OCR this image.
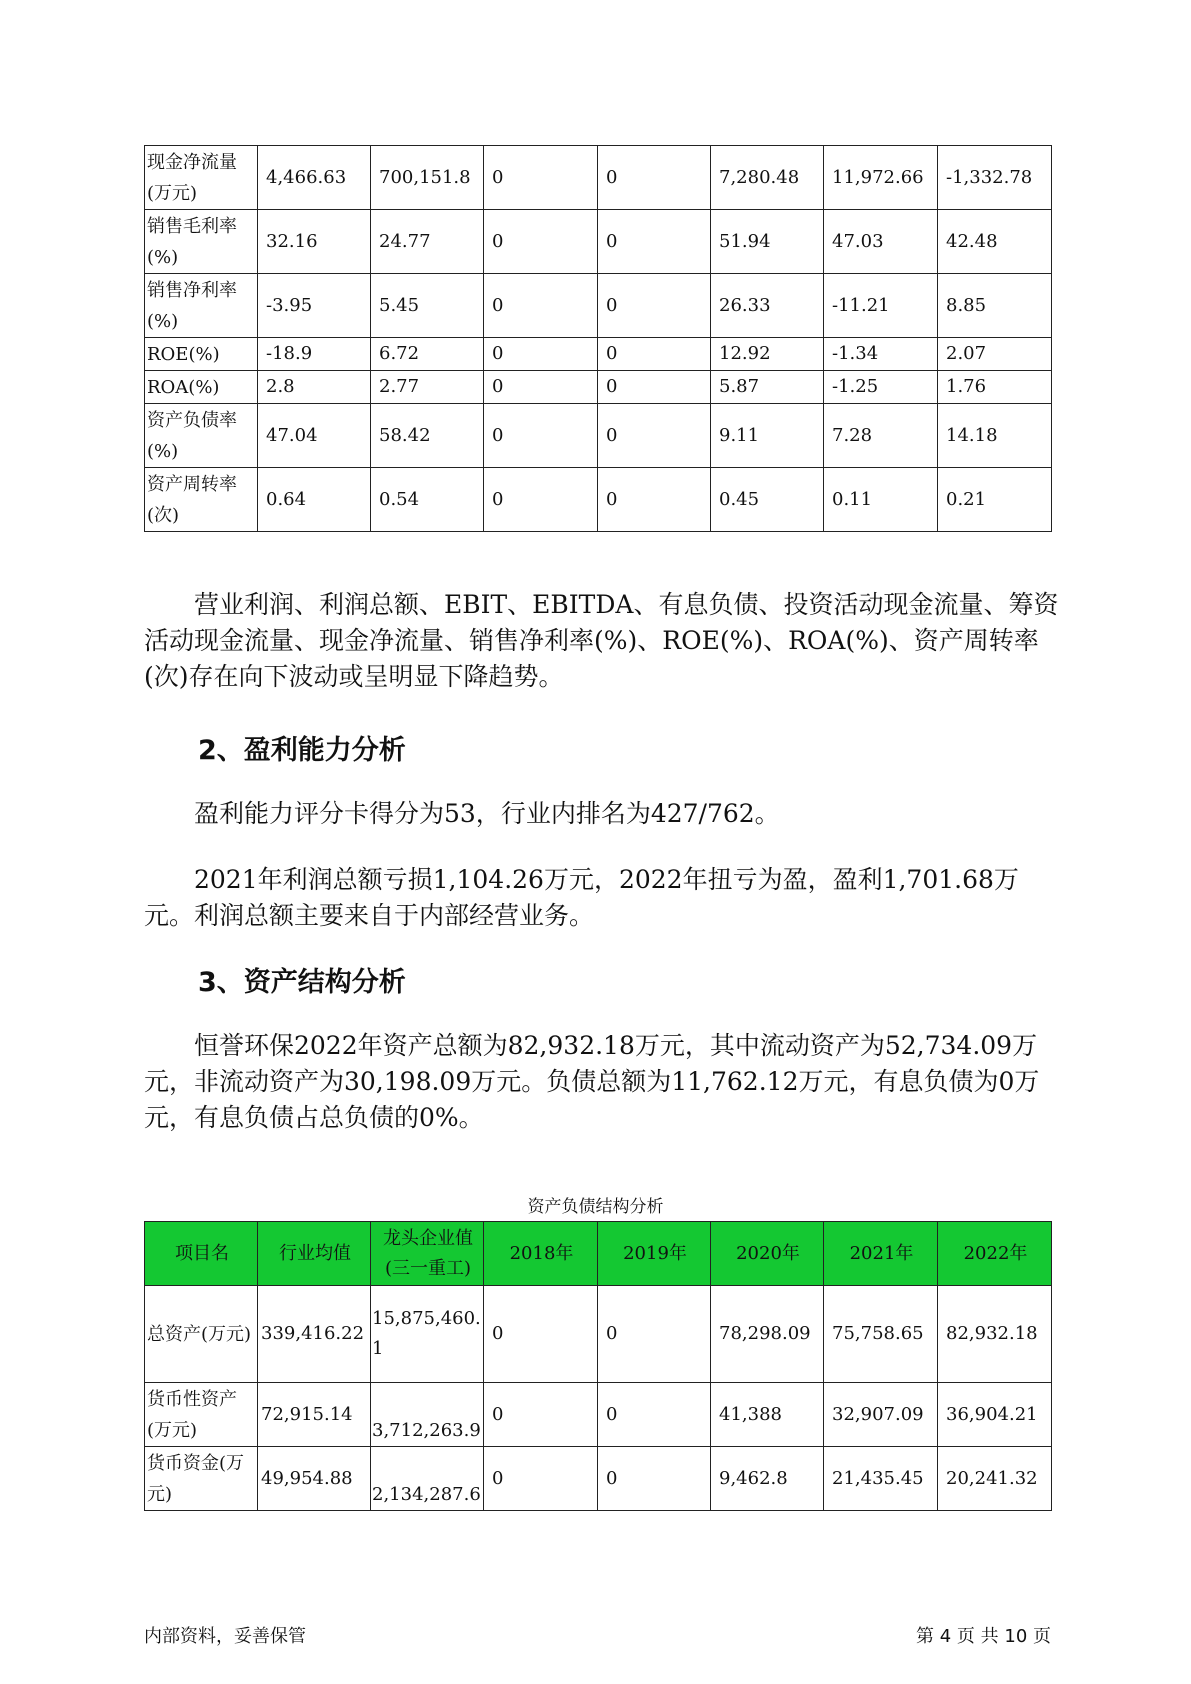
现金净流量(万元)	4,466.63	700,151.8	0	0	7,280.48	11,972.66	-1,332.78
销售毛利率(%)	32.16	24.77	0	0	51.94	47.03	42.48
销售净利率(%)	-3.95	5.45	0	0	26.33	-11.21	8.85
ROE(%)	-18.9	6.72	0	0	12.92	-1.34	2.07
ROA(%)	2.8	2.77	0	0	5.87	-1.25	1.76
资产负债率(%)	47.04	58.42	0	0	9.11	7.28	14.18
资产周转率(次)	0.64	0.54	0	0	0.45	0.11	0.21

营业利润、利润总额、EBIT、EBITDA、有息负债、投资活动现金流量、筹资活动现金流量、现金净流量、销售净利率(%)、ROE(%)、ROA(%)、资产周转率(次)存在向下波动或呈明显下降趋势。

2、盈利能力分析

盈利能力评分卡得分为53，行业内排名为427/762。

2021年利润总额亏损1,104.26万元，2022年扭亏为盈，盈利1,701.68万元。利润总额主要来自于内部经营业务。

3、资产结构分析

恒誉环保2022年资产总额为82,932.18万元，其中流动资产为52,734.09万元，非流动资产为30,198.09万元。负债总额为11,762.12万元，有息负债为0万元，有息负债占总负债的0%。

资产负债结构分析

项目名	行业均值	龙头企业值(三一重工)	2018年	2019年	2020年	2021年	2022年
总资产(万元)	339,416.22	15,875,460.1	0	0	78,298.09	75,758.65	82,932.18
货币性资产(万元)	72,915.14	3,712,263.9	0	0	41,388	32,907.09	36,904.21
货币资金(万元)	49,954.88	2,134,287.6	0	0	9,462.8	21,435.45	20,241.32
内部资料，妥善保管	第 4 页 共 10 页
